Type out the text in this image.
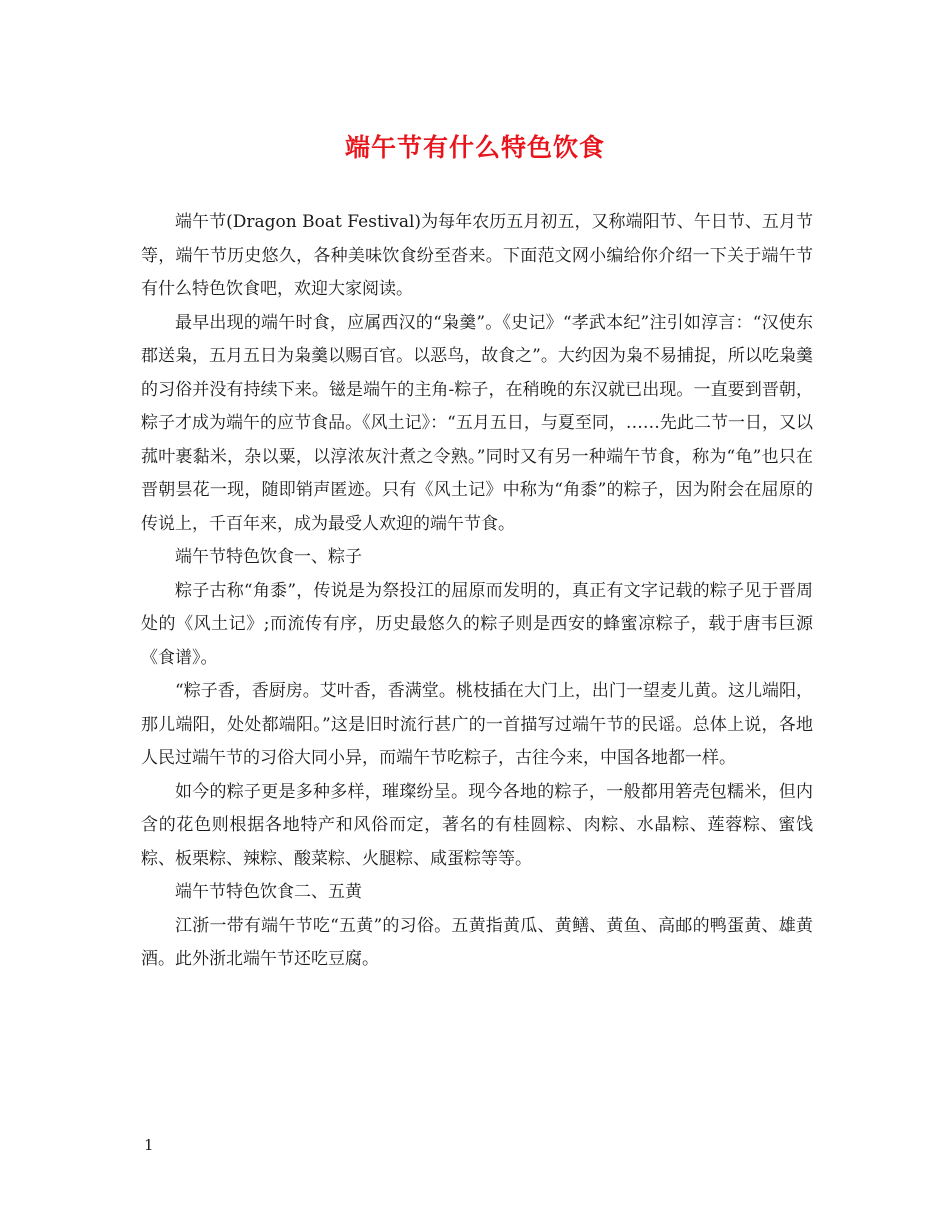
端午节有什么特色饮食

端午节(Dragon Boat Festival)为每年农历五月初五，又称端阳节、午日节、五月节等，端午节历史悠久，各种美味饮食纷至沓来。下面范文网小编给你介绍一下关于端午节有什么特色饮食吧，欢迎大家阅读。

最早出现的端午时食，应属西汉的“枭羹”。《史记》“孝武本纪”注引如淳言：“汉使东郡送枭，五月五日为枭羹以赐百官。以恶鸟，故食之”。大约因为枭不易捕捉，所以吃枭羹的习俗并没有持续下来。镃是端午的主角-粽子，在稍晚的东汉就已出现。一直要到晋朝，粽子才成为端午的应节食品。《风土记》：“五月五日，与夏至同，……先此二节一日，又以菰叶裹黏米，杂以粟，以淳浓灰汁煮之令熟。”同时又有另一种端午节食，称为“龟”也只在晋朝昙花一现，随即销声匿迹。只有《风土记》中称为“角黍”的粽子，因为附会在屈原的传说上，千百年来，成为最受人欢迎的端午节食。

端午节特色饮食一、粽子

粽子古称“角黍”，传说是为祭投江的屈原而发明的，真正有文字记载的粽子见于晋周处的《风土记》;而流传有序，历史最悠久的粽子则是西安的蜂蜜凉粽子，载于唐韦巨源《食谱》。

“粽子香，香厨房。艾叶香，香满堂。桃枝插在大门上，出门一望麦儿黄。这儿端阳，那儿端阳，处处都端阳。”这是旧时流行甚广的一首描写过端午节的民谣。总体上说，各地人民过端午节的习俗大同小异，而端午节吃粽子，古往今来，中国各地都一样。

如今的粽子更是多种多样，璀璨纷呈。现今各地的粽子，一般都用箬壳包糯米，但内含的花色则根据各地特产和风俗而定，著名的有桂圆粽、肉粽、水晶粽、莲蓉粽、蜜饯粽、板栗粽、辣粽、酸菜粽、火腿粽、咸蛋粽等等。

端午节特色饮食二、五黄

江浙一带有端午节吃“五黄”的习俗。五黄指黄瓜、黄鳝、黄鱼、高邮的鸭蛋黄、雄黄酒。此外浙北端午节还吃豆腐。

1
